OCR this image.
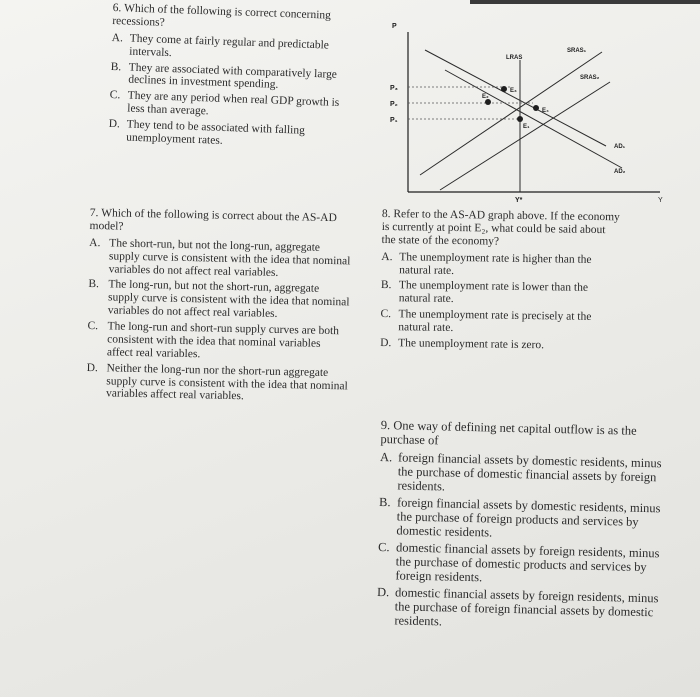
6. Which of the following is correct concerning recessions?
A. They come at fairly regular and predictable intervals.
B. They are associated with comparatively large declines in investment spending.
C. They are any period when real GDP growth is less than average.
D. They tend to be associated with falling unemployment rates.
P
Y
LRAS
Y*
SRAS₁
SRAS₂
AD₁
AD₂
P₃
P₂
P₁
E₁
E₂
E₃
E₄
7. Which of the following is correct about the AS-AD model?
A. The short-run, but not the long-run, aggregate supply curve is consistent with the idea that nominal variables do not affect real variables.
B. The long-run, but not the short-run, aggregate supply curve is consistent with the idea that nominal variables do not affect real variables.
C. The long-run and short-run supply curves are both consistent with the idea that nominal variables affect real variables.
D. Neither the long-run nor the short-run aggregate supply curve is consistent with the idea that nominal variables affect real variables.
8. Refer to the AS-AD graph above. If the economy is currently at point E₂, what could be said about the state of the economy?
A. The unemployment rate is higher than the natural rate.
B. The unemployment rate is lower than the natural rate.
C. The unemployment rate is precisely at the natural rate.
D. The unemployment rate is zero.
9. One way of defining net capital outflow is as the purchase of
A. foreign financial assets by domestic residents, minus the purchase of domestic financial assets by foreign residents.
B. foreign financial assets by domestic residents, minus the purchase of foreign products and services by domestic residents.
C. domestic financial assets by foreign residents, minus the purchase of domestic products and services by foreign residents.
D. domestic financial assets by foreign residents, minus the purchase of foreign financial assets by domestic residents.
